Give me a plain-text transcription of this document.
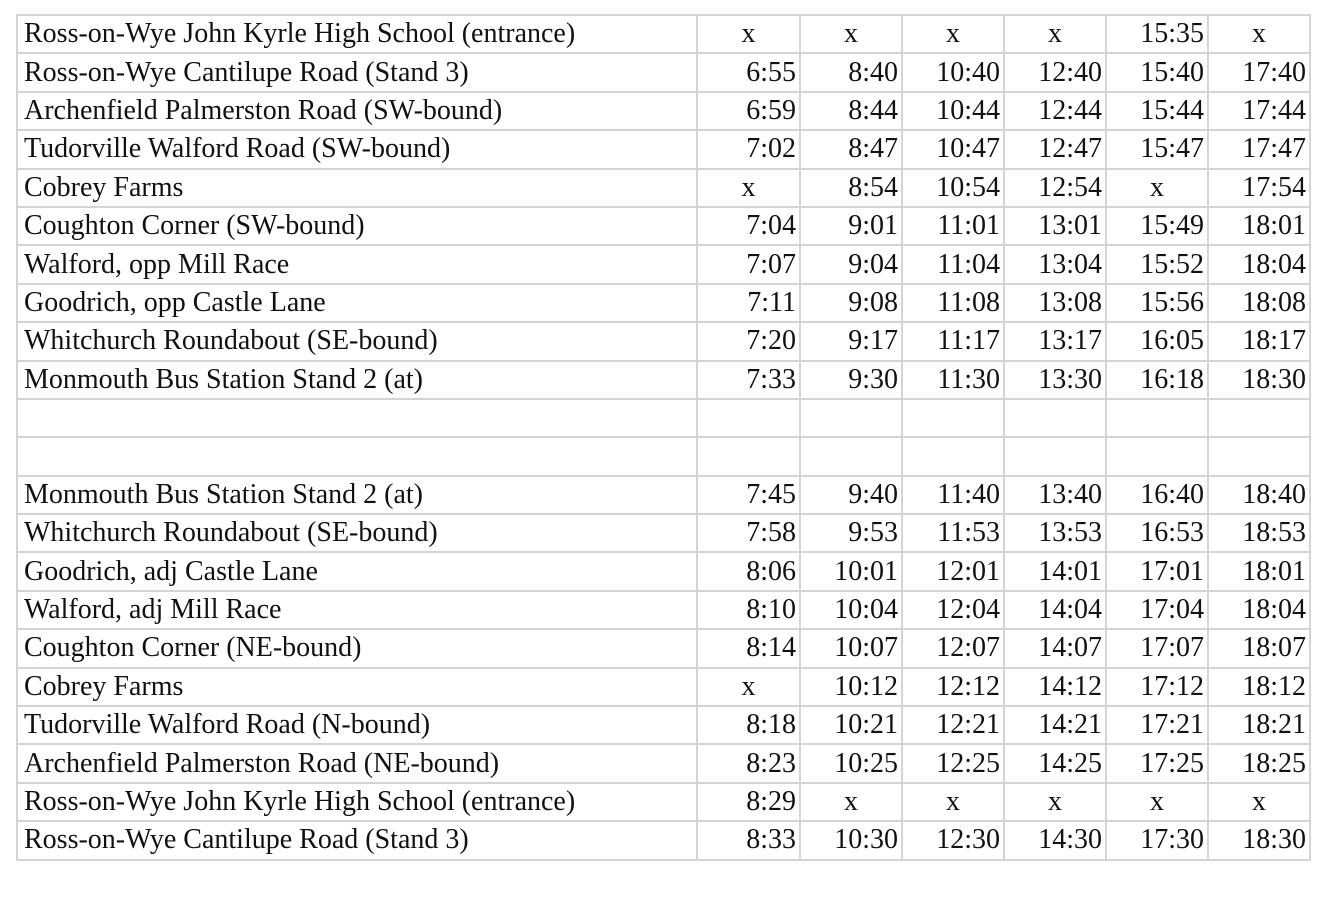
Ross-on-Wye John Kyrle High School (entrance)	x	x	x	x	15:35	x
Ross-on-Wye Cantilupe Road (Stand 3)	6:55	8:40	10:40	12:40	15:40	17:40
Archenfield Palmerston Road (SW-bound)	6:59	8:44	10:44	12:44	15:44	17:44
Tudorville Walford Road (SW-bound)	7:02	8:47	10:47	12:47	15:47	17:47
Cobrey Farms	x	8:54	10:54	12:54	x	17:54
Coughton Corner (SW-bound)	7:04	9:01	11:01	13:01	15:49	18:01
Walford, opp Mill Race	7:07	9:04	11:04	13:04	15:52	18:04
Goodrich, opp Castle Lane	7:11	9:08	11:08	13:08	15:56	18:08
Whitchurch Roundabout (SE-bound)	7:20	9:17	11:17	13:17	16:05	18:17
Monmouth Bus Station Stand 2 (at)	7:33	9:30	11:30	13:30	16:18	18:30

Monmouth Bus Station Stand 2 (at)	7:45	9:40	11:40	13:40	16:40	18:40
Whitchurch Roundabout (SE-bound)	7:58	9:53	11:53	13:53	16:53	18:53
Goodrich, adj Castle Lane	8:06	10:01	12:01	14:01	17:01	18:01
Walford, adj Mill Race	8:10	10:04	12:04	14:04	17:04	18:04
Coughton Corner (NE-bound)	8:14	10:07	12:07	14:07	17:07	18:07
Cobrey Farms	x	10:12	12:12	14:12	17:12	18:12
Tudorville Walford Road (N-bound)	8:18	10:21	12:21	14:21	17:21	18:21
Archenfield Palmerston Road (NE-bound)	8:23	10:25	12:25	14:25	17:25	18:25
Ross-on-Wye John Kyrle High School (entrance)	8:29	x	x	x	x	x
Ross-on-Wye Cantilupe Road (Stand 3)	8:33	10:30	12:30	14:30	17:30	18:30
